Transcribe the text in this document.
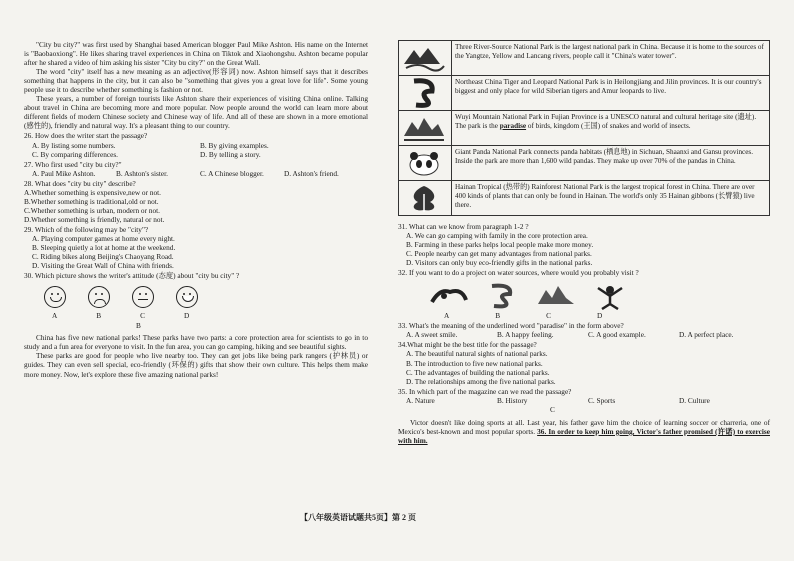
"City bu city?" was first used by Shanghai based American blogger Paul Mike Ashton. His name on the Internet is "Baobaoxiong". He likes sharing travel experiences in China on Tiktok and Xiaohongshu. Ashton became popular after he shared a video of him asking his sister "City bu city?" on the Great Wall.

The word "city" itself has a new meaning as an adjective(形容词) now. Ashton himself says that it describes something that happens in the city, but it can also be "something that gives you a great love for life". Some young people use it to describe whether something is fashion or not.

These years, a number of foreign tourists like Ashton share their experiences of visiting China online. Talking about travel in China are becoming more and more popular. Now people around the world can learn more about different fields of modern Chinese society and Chinese way of life. And all of these are shown in a more emotional (感性的), friendly and natural way. It's a pleasant thing to our country.

26. How does the writer start the passage?

A. By listing some numbers.	B. By giving examples.
C. By comparing differences.	D. By telling a story.

27. Who first used "city bu city?"

A. Paul Mike Ashton.	B. Ashton's sister.	C. A Chinese blogger.	D. Ashton's friend.

28. What does "city bu city" describe?

A.Whether something is expensive,new or not.

B.Whether something is traditional,old or not.

C.Whether something is urban, modern or not.

D.Whether something is friendly, natural or not.

29. Which of the following may be "city"?

A. Playing computer games at home every night.

B. Sleeping quietly a lot at home at the weekend.

C. Riding bikes along Beijing's Chaoyang Road.

D. Visiting the Great Wall of China with friends.

30. Which picture shows the writer's attitude (态度) about "city bu city" ?

A	B	C	D

B

China has five new national parks! These parks have two parts: a core protection area for scientists to go in to study and a fun area for everyone to visit. In the fun area, you can go camping, hiking and see beautiful sights.

These parks are good for people who live nearby too. They can get jobs like being park rangers (护林员) or guides. They can even sell special, eco-friendly (环保的) gifts that show their own culture. This helps them make more money. Now, let's explore these five amazing national parks!

	Three River-Source National Park is the largest national park in China. Because it is home to the sources of the Yangtze, Yellow and Lancang rivers, people call it "China's water tower".

	Northeast China Tiger and Leopard National Park is in Heilongjiang and Jilin provinces. It is our country's biggest and only place for wild Siberian tigers and Amur leopards to live.

	Wuyi Mountain National Park in Fujian Province is a UNESCO natural and cultural heritage site (遗址). The park is the paradise of birds, kingdom (王国) of snakes and world of insects.

	Giant Panda National Park connects panda habitats (栖息地) in Sichuan, Shaanxi and Gansu provinces. Inside the park are more than 1,600 wild pandas. They make up over 70% of the pandas in China.

	Hainan Tropical (热带的) Rainforest National Park is the largest tropical forest in China. There are over 400 kinds of plants that can only be found in Hainan. The world's only 35 Hainan gibbons (长臂猿) live there.

31. What can we know from paragraph 1-2 ?

A. We can go camping with family in the core protection area.

B. Farming in these parks helps local people make more money.

C. People nearby can get many advantages from national parks.

D. Visitors can only buy eco-friendly gifts in the national parks.

32. If you want to do a project on water sources, where would you probably visit ?

A	B	C	D

33. What's the meaning of the underlined word "paradise" in the form above?

A. A sweet smile.	B. A happy feeling.	C. A good example.	D. A perfect place.

34.What might be the best title for the passage?

A. The beautiful natural sights of national parks.

B. The introduction to five new national parks.

C. The advantages of building the national parks.

D. The relationships among the five national parks.

35. In which part of the magazine can we read the passage?

A. Nature	B. History	C. Sports	D. Culture

C

Victor doesn't like doing sports at all. Last year, his father gave him the choice of learning soccer or charreria, one of Mexico's best-known and most popular sports. 36. In order to keep him going, Victor's father promised (许诺) to exercise with him.

【八年级英语试题共5页】第 2 页
